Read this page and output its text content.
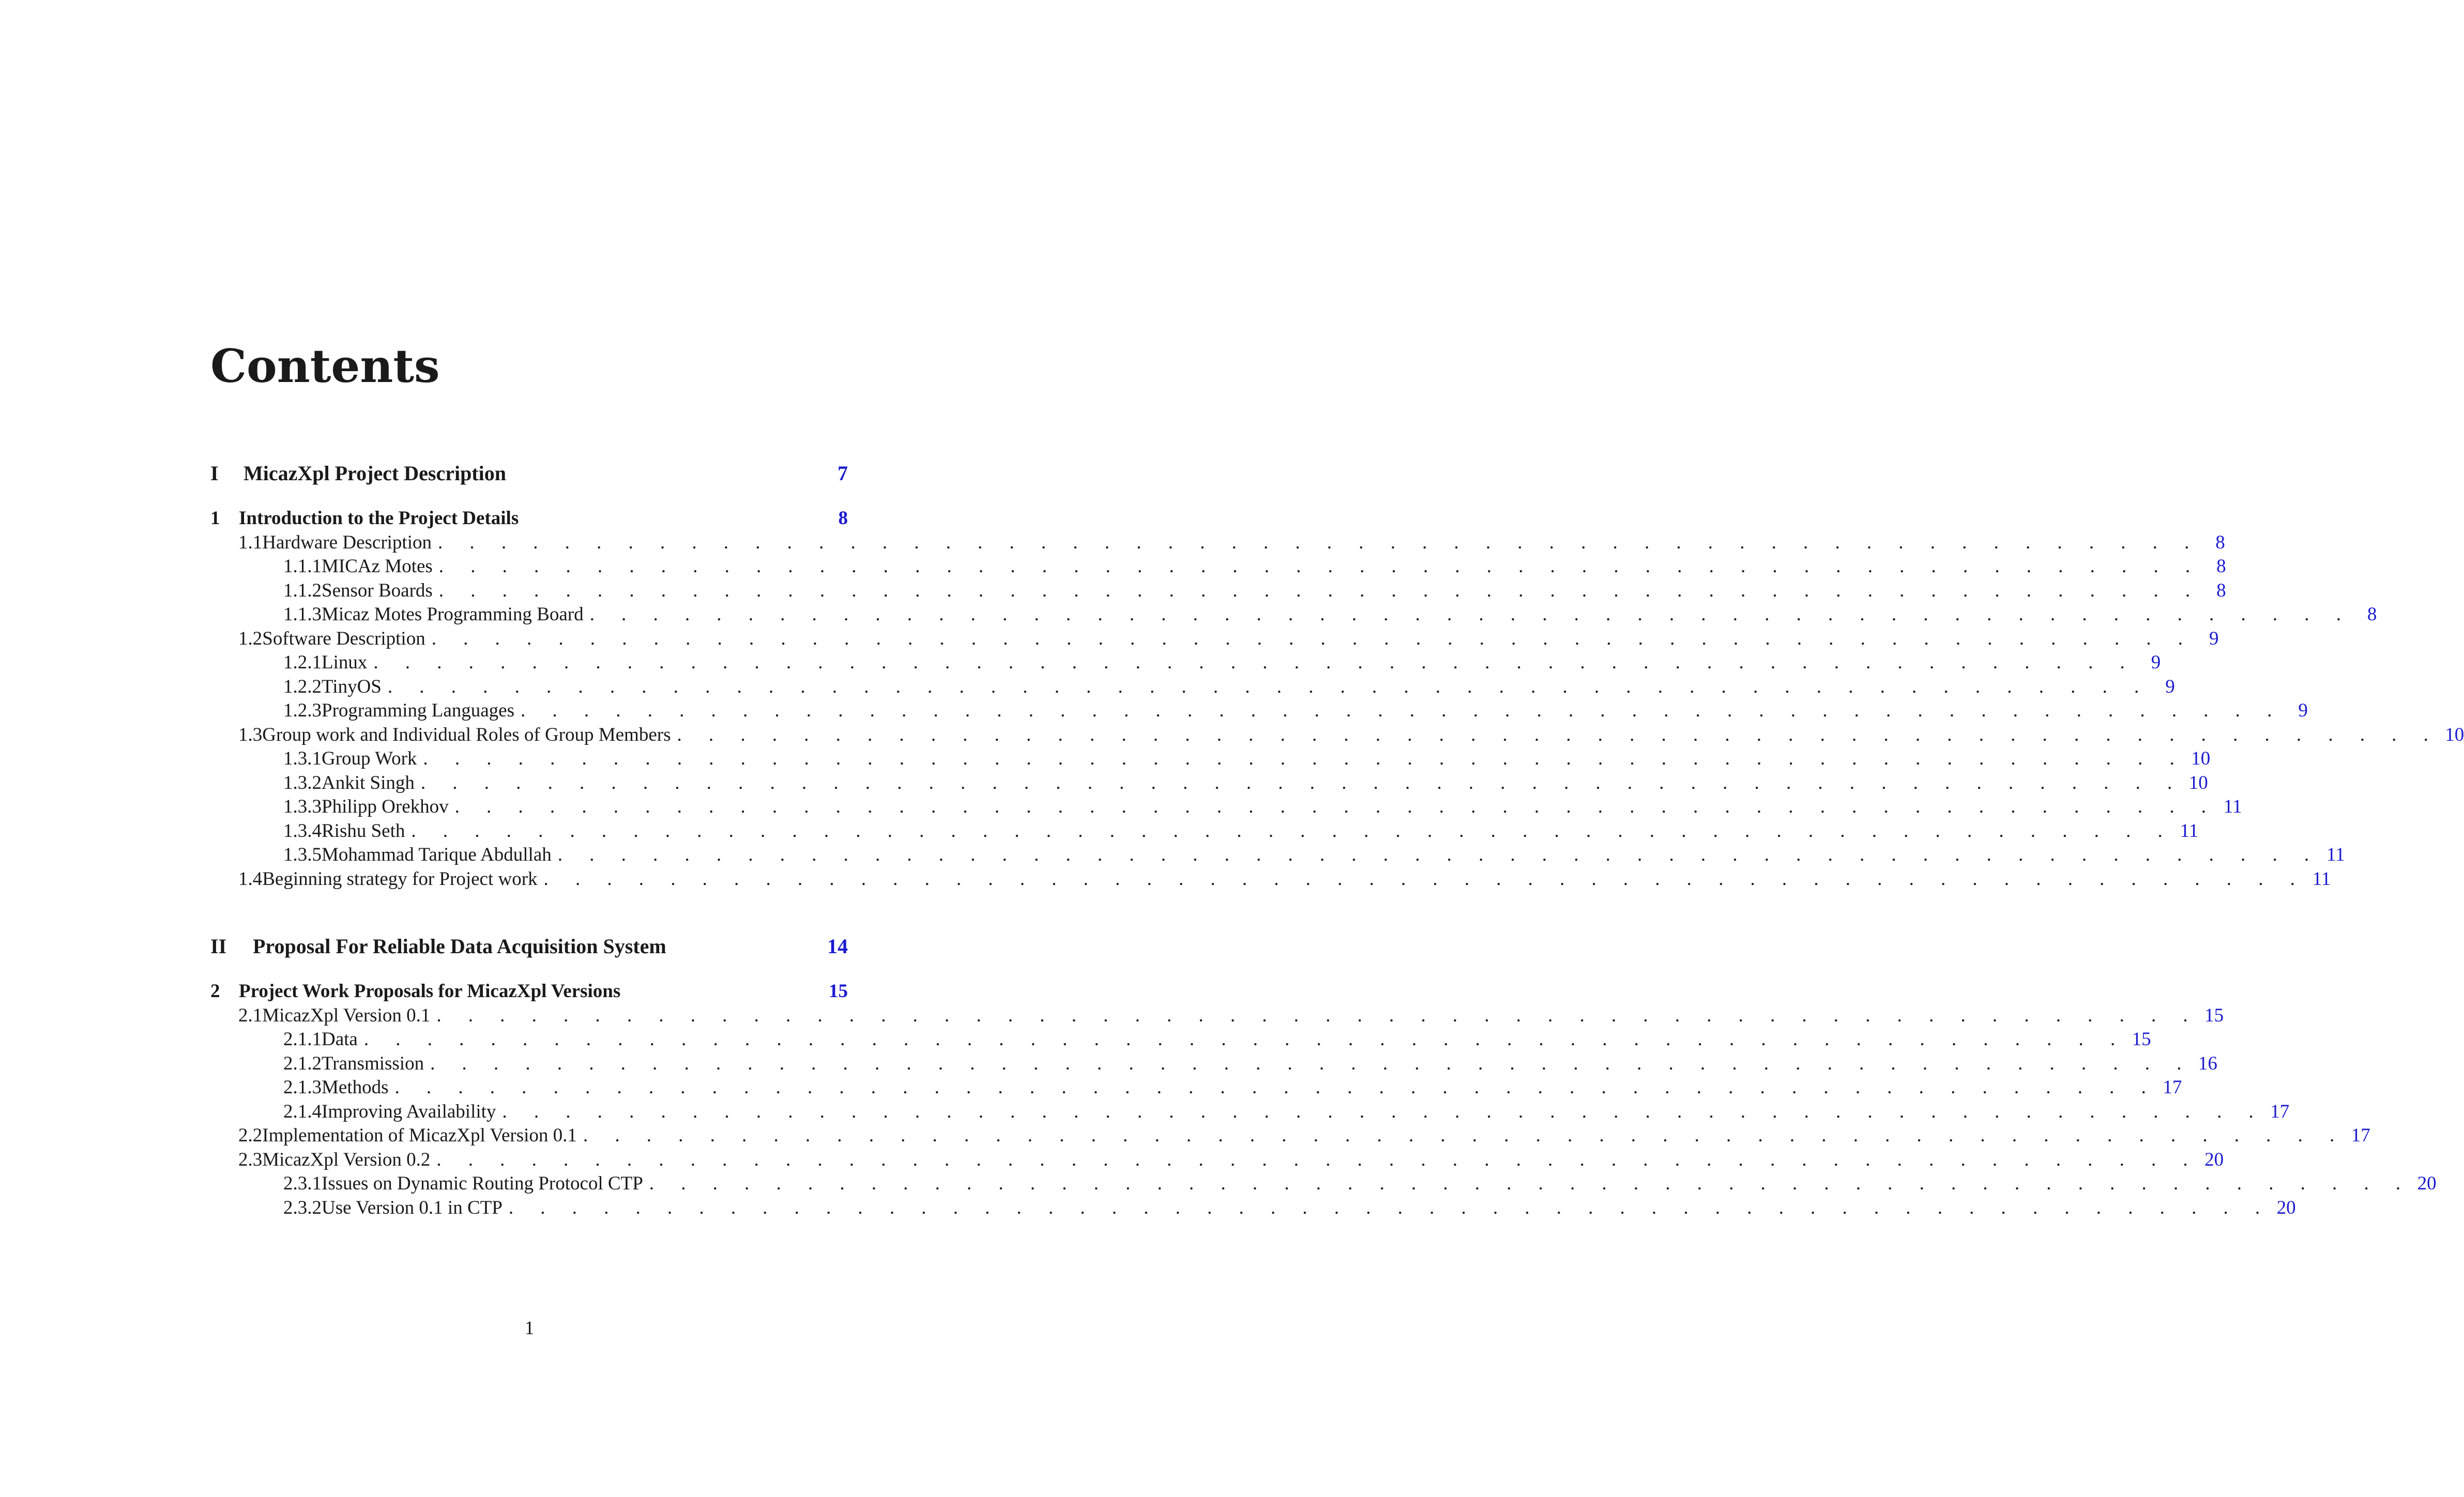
Contents
I	MicazXpl Project Description	7
1 Introduction to the Project Details	8
1.1 Hardware Description . . . . . . . . . . . . . . . . . . . . . . . . . . . . . . . . . . . . . . . . . . . . . . . . . . . . . . . . 8
1.1.1 MICAz Motes . . . . . . . . . . . . . . . . . . . . . . . . . . . . . . . . . . . . . . . . . . . . . . . . . . . . . . . . 8
1.1.2 Sensor Boards . . . . . . . . . . . . . . . . . . . . . . . . . . . . . . . . . . . . . . . . . . . . . . . . . . . . . . . . 8
1.1.3 Micaz Motes Programming Board . . . . . . . . . . . . . . . . . . . . . . . . . . . . . . . . . . . . . . . . . . . . . . . . . . . . . . . . 8
1.2 Software Description . . . . . . . . . . . . . . . . . . . . . . . . . . . . . . . . . . . . . . . . . . . . . . . . . . . . . . . . 9
1.2.1 Linux . . . . . . . . . . . . . . . . . . . . . . . . . . . . . . . . . . . . . . . . . . . . . . . . . . . . . . . . 9
1.2.2 TinyOS . . . . . . . . . . . . . . . . . . . . . . . . . . . . . . . . . . . . . . . . . . . . . . . . . . . . . . . . 9
1.2.3 Programming Languages . . . . . . . . . . . . . . . . . . . . . . . . . . . . . . . . . . . . . . . . . . . . . . . . . . . . . . . . 9
1.3 Group work and Individual Roles of Group Members . . . . . . . . . . . . . . . . . . . . . . . . . . . . . . . . . . . . . . . . . . . . . . . . . . . . . . . . 10
1.3.1 Group Work . . . . . . . . . . . . . . . . . . . . . . . . . . . . . . . . . . . . . . . . . . . . . . . . . . . . . . . . 10
1.3.2 Ankit Singh . . . . . . . . . . . . . . . . . . . . . . . . . . . . . . . . . . . . . . . . . . . . . . . . . . . . . . . . 10
1.3.3 Philipp Orekhov . . . . . . . . . . . . . . . . . . . . . . . . . . . . . . . . . . . . . . . . . . . . . . . . . . . . . . . . 11
1.3.4 Rishu Seth . . . . . . . . . . . . . . . . . . . . . . . . . . . . . . . . . . . . . . . . . . . . . . . . . . . . . . . . 11
1.3.5 Mohammad Tarique Abdullah . . . . . . . . . . . . . . . . . . . . . . . . . . . . . . . . . . . . . . . . . . . . . . . . . . . . . . . . 11
1.4 Beginning strategy for Project work . . . . . . . . . . . . . . . . . . . . . . . . . . . . . . . . . . . . . . . . . . . . . . . . . . . . . . . . 11
II	Proposal For Reliable Data Acquisition System	14
2 Project Work Proposals for MicazXpl Versions	15
2.1 MicazXpl Version 0.1 . . . . . . . . . . . . . . . . . . . . . . . . . . . . . . . . . . . . . . . . . . . . . . . . . . . . . . . . 15
2.1.1 Data . . . . . . . . . . . . . . . . . . . . . . . . . . . . . . . . . . . . . . . . . . . . . . . . . . . . . . . . 15
2.1.2 Transmission . . . . . . . . . . . . . . . . . . . . . . . . . . . . . . . . . . . . . . . . . . . . . . . . . . . . . . . . 16
2.1.3 Methods . . . . . . . . . . . . . . . . . . . . . . . . . . . . . . . . . . . . . . . . . . . . . . . . . . . . . . . . 17
2.1.4 Improving Availability . . . . . . . . . . . . . . . . . . . . . . . . . . . . . . . . . . . . . . . . . . . . . . . . . . . . . . . . 17
2.2 Implementation of MicazXpl Version 0.1 . . . . . . . . . . . . . . . . . . . . . . . . . . . . . . . . . . . . . . . . . . . . . . . . . . . . . . . . 17
2.3 MicazXpl Version 0.2 . . . . . . . . . . . . . . . . . . . . . . . . . . . . . . . . . . . . . . . . . . . . . . . . . . . . . . . . 20
2.3.1 Issues on Dynamic Routing Protocol CTP . . . . . . . . . . . . . . . . . . . . . . . . . . . . . . . . . . . . . . . . . . . . . . . . . . . . . . . . 20
2.3.2 Use Version 0.1 in CTP . . . . . . . . . . . . . . . . . . . . . . . . . . . . . . . . . . . . . . . . . . . . . . . . . . . . . . . . 20
1
